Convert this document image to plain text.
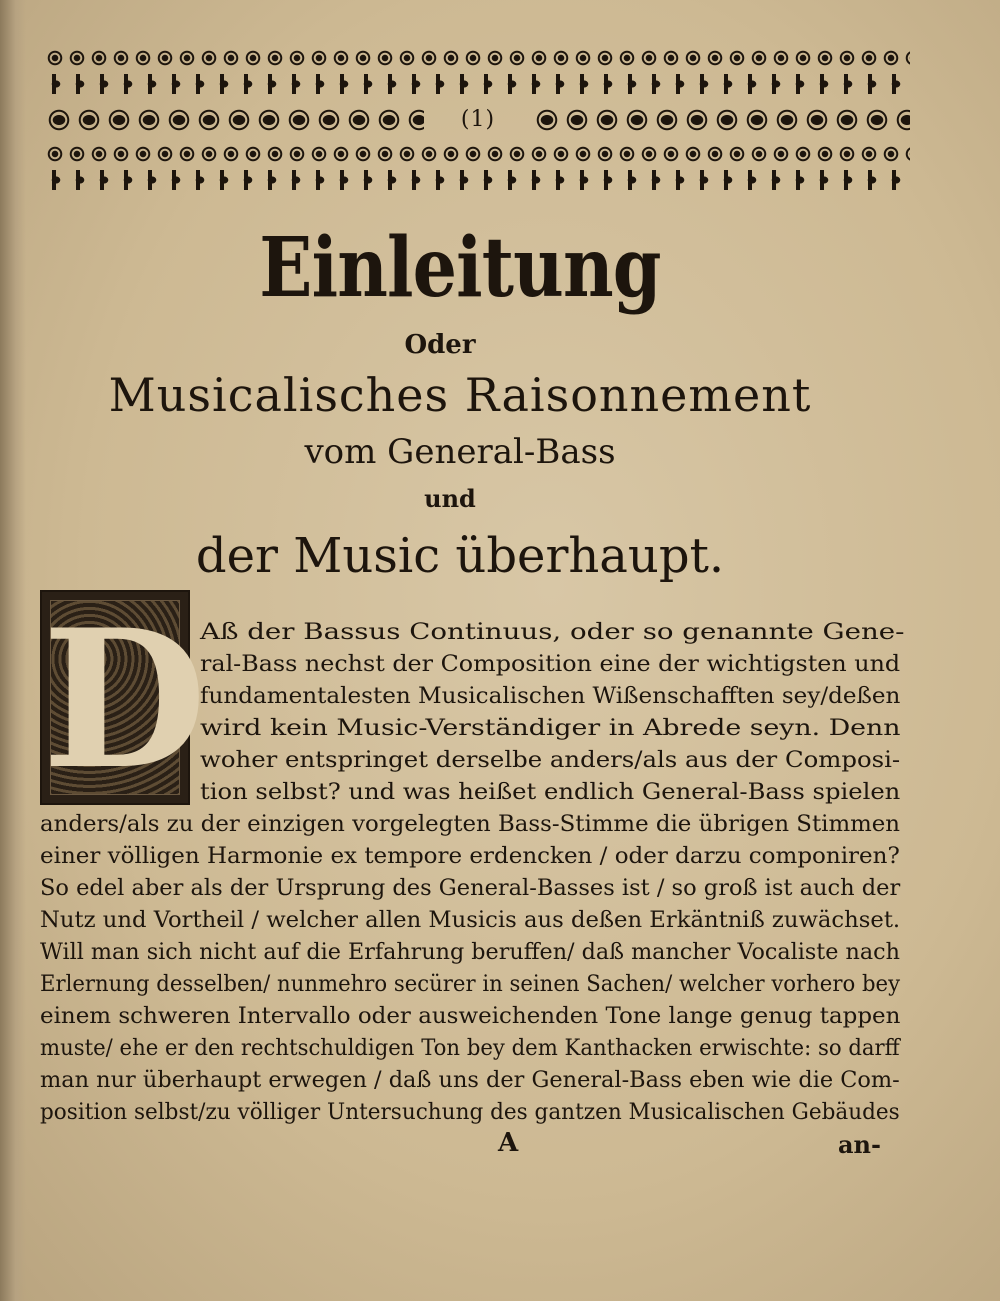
(1)
Einleitung
Oder
Musicalisches Raisonnement
vom General-Bass
und
der Music überhaupt.
D
Aß der Bassus Continuus, oder so genannte Gene-
ral-Bass nechst der Composition eine der wichtigsten und
fundamentalesten Musicalischen Wißenschafften sey/deßen
wird kein Music-Verständiger in Abrede seyn. Denn
woher entspringet derselbe anders/als aus der Composi-
tion selbst? und was heißet endlich General-Bass spielen
anders/als zu der einzigen vorgelegten Bass-Stimme die übrigen Stimmen
einer völligen Harmonie ex tempore erdencken / oder darzu componiren?
So edel aber als der Ursprung des General-Basses ist / so groß ist auch der
Nutz und Vortheil / welcher allen Musicis aus deßen Erkäntniß zuwächset.
Will man sich nicht auf die Erfahrung beruffen/ daß mancher Vocaliste nach
Erlernung desselben/ nunmehro secürer in seinen Sachen/ welcher vorhero bey
einem schweren Intervallo oder ausweichenden Tone lange genug tappen
muste/ ehe er den rechtschuldigen Ton bey dem Kanthacken erwischte: so darff
man nur überhaupt erwegen / daß uns der General-Bass eben wie die Com-
position selbst/zu völliger Untersuchung des gantzen Musicalischen Gebäudes
A	an-
